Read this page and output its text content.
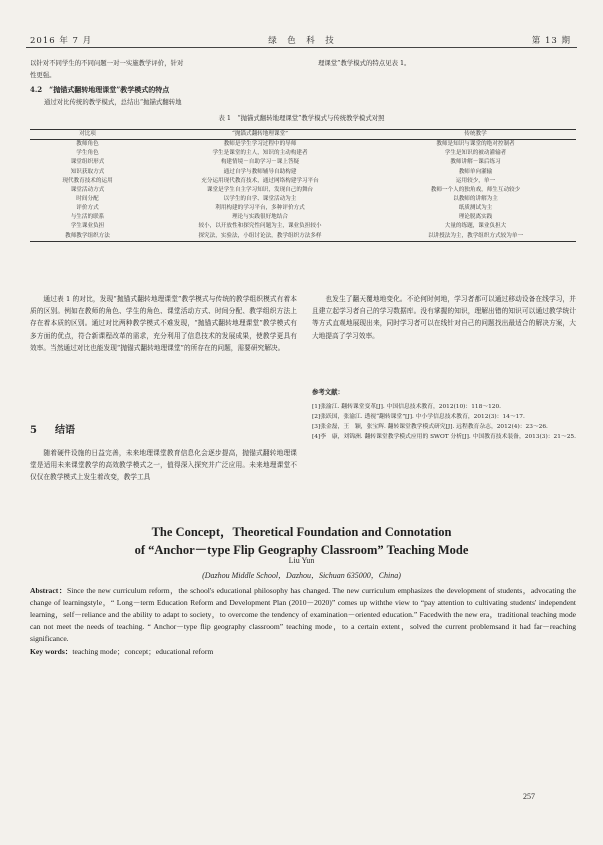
2016 年 7 月	绿　色　科　技	第 13 期
以针对不同学生的不同问题一对一实施教学评价，针对
性更强。
理课堂”教学模式的特点见表 1。
4.2　“抛锚式翻转地理课堂”教学模式的特点
通过对比传统的教学模式，总结出“抛锚式翻转地
表 1　“抛锚式翻转地理课堂”教学模式与传统教学模式对照
对比项	“抛锚式翻转地理课堂”	传统教学
教师角色	教师是学生学习过程中的导师	教师是知识与课堂的绝对控制者
学生角色	学生是课堂的主人，知识的主动构建者	学生是知识的被动灌输者
课堂组织形式	构建情境－自助学习－课上答疑	教师讲解－课后练习
知识获取方式	通过自学与教师辅导自助构建	教师单向灌输
现代教育技术的运用	充分运用现代教育技术，通过网络构建学习平台	运用较少，单一
课堂活动方式	课堂是学生自主学习知识，发现自己的舞台	教师一个人的独角戏，师生互动较少
时间分配	以学生的自学、课堂活动为主	以教师的讲解为主
评价方式	利用构建的学习平台，多种评价方式	纸质测试为主
与生活的联系	理论与实践很好地结合	理论脱离实践
学生课业负担	较小，以开放性和探究性问题为主，课业负担较小	大量的练题，课业负担大
教师教学组织方法	探究法，实验法，小组讨论法，教学组织方法多样	以讲授法为主，教学组织方式较为单一

通过表 1 的对比，发现“抛锚式翻转地理课堂”教学模式与传统的教学组织模式有着本质的区别。例如在教师的角色、学生的角色、课堂活动方式、时间分配、教学组织方法上存在着本质的区别。通过对比两种教学模式不难发现，“抛锚式翻转地理课堂”教学模式有多方面的优点，符合新课程改革的需求，充分利用了信息技术的发展成果，使教学更具有效率。当然通过对比也能发现“抛锚式翻转地理课堂”的所存在的问题，需要研究解决。

5 结语

随着硬件设施的日益完善，未来地理课堂教育信息化会逐步提高，抛锚式翻转地理课堂是适用未来课堂教学的高效教学模式之一，值得深入探究并广泛应用。未来地理课堂不仅仅在教学模式上发生着改变，教学工具

也发生了翻天覆地地变化。不论何时何地，学习者都可以通过移动设备在线学习，并且建立起学习者自己的学习数据库。没有掌握的知识，理解出错的知识可以通过教学统计等方式直观地展现出来，同时学习者可以在线针对自己的问题找出最适合的解决方案，大大地提高了学习效率。

参考文献：
[1]张渝江. 翻转课堂变革[J]. 中国信息技术教育，2012(10)：118～120.
[2]张跃国，张渝江. 透视“翻转课堂”[J]. 中小学信息技术教育，2012(3)：14～17.
[3]张金磊，王　颖，张宝辉. 翻转课堂教学模式研究[J]. 远程教育杂志，2012(4)：23～26.
[4]李　康，刘锦洲. 翻转课堂教学模式应用的 SWOT 分析[J]. 中国教育技术装备，2013(3)：21～25.
The Concept，Theoretical Foundation and Connotation
of “Anchor－type Flip Geography Classroom” Teaching Mode
Liu Yun
(Dazhou Middle School，Dazhou，Sichuan 635000，China)
Abstract：Since the new curriculum reform，the school's educational philosophy has changed. The new curriculum emphasizes the development of students，advocating the change of learningstyle，“ Long－term Education Reform and Development Plan (2010－2020)” comes up withthe view to “pay attention to cultivating students' independent learning，self－reliance and the ability to adapt to society，to overcome the tendency of examination－oriented education.” Facedwith the new era，traditional teaching mode can not meet the needs of teaching. “ Anchor－type flip geography classroom” teaching mode，to a certain extent，solved the current problemsand it had far－reaching significance.
Key words：teaching mode；concept；educational reform
257
